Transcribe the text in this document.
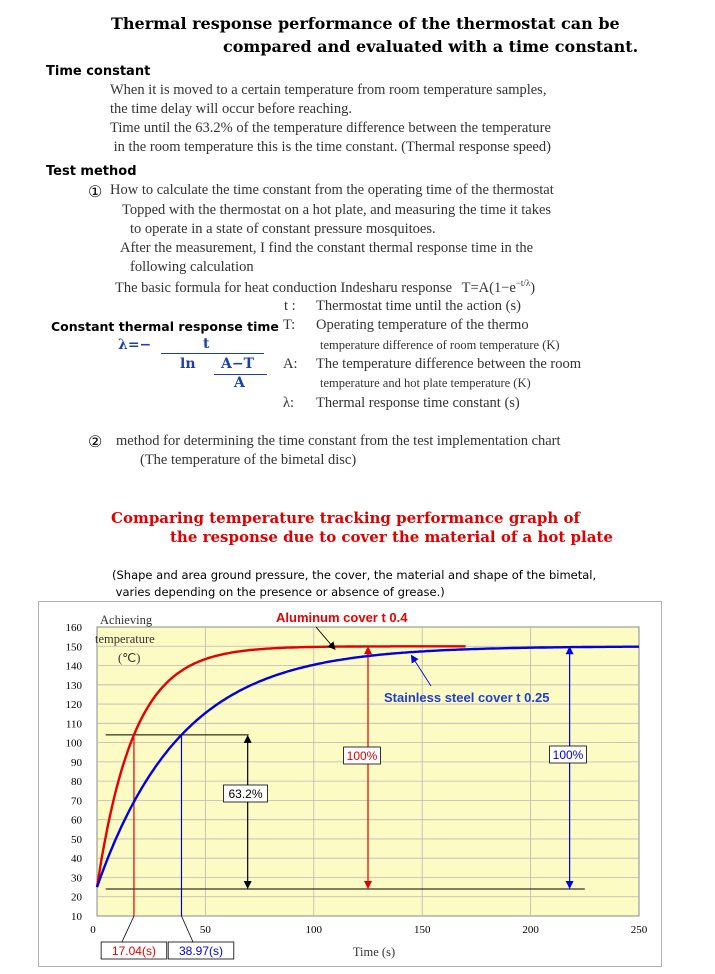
Thermal response performance of the thermostat can be
compared and evaluated with a time constant.
Time constant
When it is moved to a certain temperature from room temperature samples,
the time delay will occur before reaching.
Time until the 63.2% of the temperature difference between the temperature
in the room temperature this is the time constant. (Thermal response speed)
Test method
① How to calculate the time constant from the operating time of the thermostat
Topped with the thermostat on a hot plate, and measuring the time it takes
to operate in a state of constant pressure mosquitoes.
After the measurement, I find the constant thermal response time in the
following calculation
The basic formula for heat conduction Indesharu response $T=A(1-e^{-t/\lambda})$
Constant thermal response time
λ=−	t
ln A−T
A
t : Thermostat time until the action (s)
T: Operating temperature of the thermo
temperature difference of room temperature (K)
A: The temperature difference between the room
temperature and hot plate temperature (K)
λ: Thermal response time constant (s)
② method for determining the time constant from the test implementation chart
(The temperature of the bimetal disc)
Comparing temperature tracking performance graph of
the response due to cover the material of a hot plate
(Shape and area ground pressure, the cover, the material and shape of the bimetal,
varies depending on the presence or absence of grease.)
10
20
30
40
50
60
70
80
90
100
110
120
130
140
150
160
0	50	100	150	200	250
Time (s)
Achieving
temperature
(℃)
63.2%
100%	100%
17.04(s) 38.97(s)
Aluminum cover t 0.4
Stainless steel cover t 0.25
